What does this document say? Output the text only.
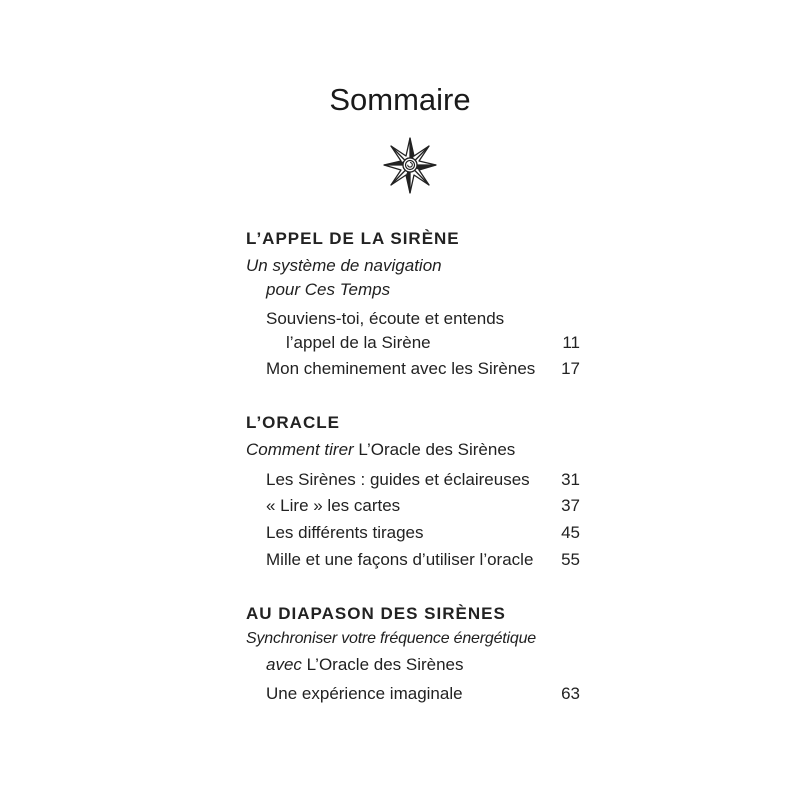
Sommaire
L’APPEL DE LA SIRÈNE
Un système de navigation
pour Ces Temps
Souviens-toi, écoute et entends
l’appel de la Sirène	11
Mon cheminement avec les Sirènes 17
L’ORACLE
Comment tirer L’Oracle des Sirènes
Les Sirènes : guides et éclaireuses 31
« Lire » les cartes	37
Les différents tirages	45
Mille et une façons d’utiliser l’oracle 55
AU DIAPASON DES SIRÈNES
Synchroniser votre fréquence énergétique
avec L’Oracle des Sirènes
Une expérience imaginale	63
